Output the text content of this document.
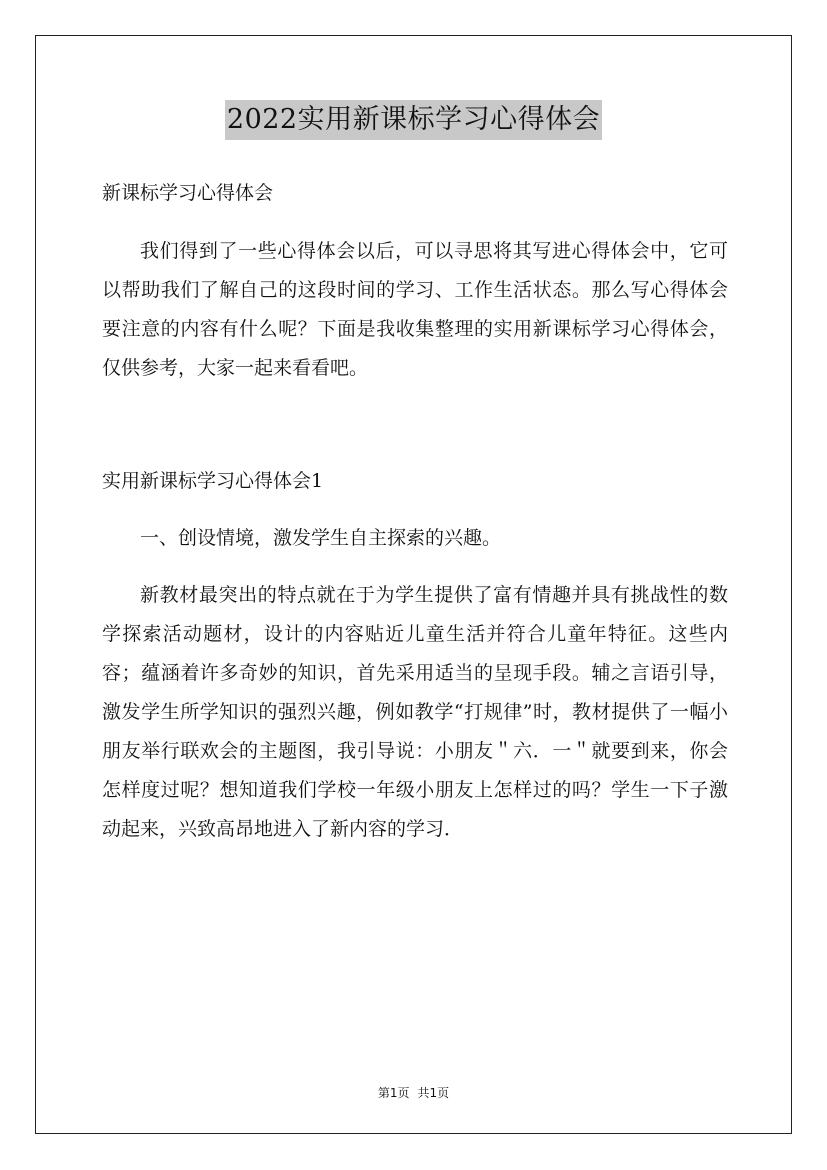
2022实用新课标学习心得体会

新课标学习心得体会

我们得到了一些心得体会以后，可以寻思将其写进心得体会中，它可以帮助我们了解自己的这段时间的学习、工作生活状态。那么写心得体会要注意的内容有什么呢？下面是我收集整理的实用新课标学习心得体会，仅供参考，大家一起来看看吧。

实用新课标学习心得体会1

一、创设情境，激发学生自主探索的兴趣。

新教材最突出的特点就在于为学生提供了富有情趣并具有挑战性的数学探索活动题材，设计的内容贴近儿童生活并符合儿童年特征。这些内容；蕴涵着许多奇妙的知识，首先采用适当的呈现手段。辅之言语引导，激发学生所学知识的强烈兴趣，例如教学“打规律”时，教材提供了一幅小朋友举行联欢会的主题图，我引导说：小朋友＂六．一＂就要到来，你会怎样度过呢？想知道我们学校一年级小朋友上怎样过的吗？学生一下子激动起来，兴致高昂地进入了新内容的学习．

第1页 共1页
